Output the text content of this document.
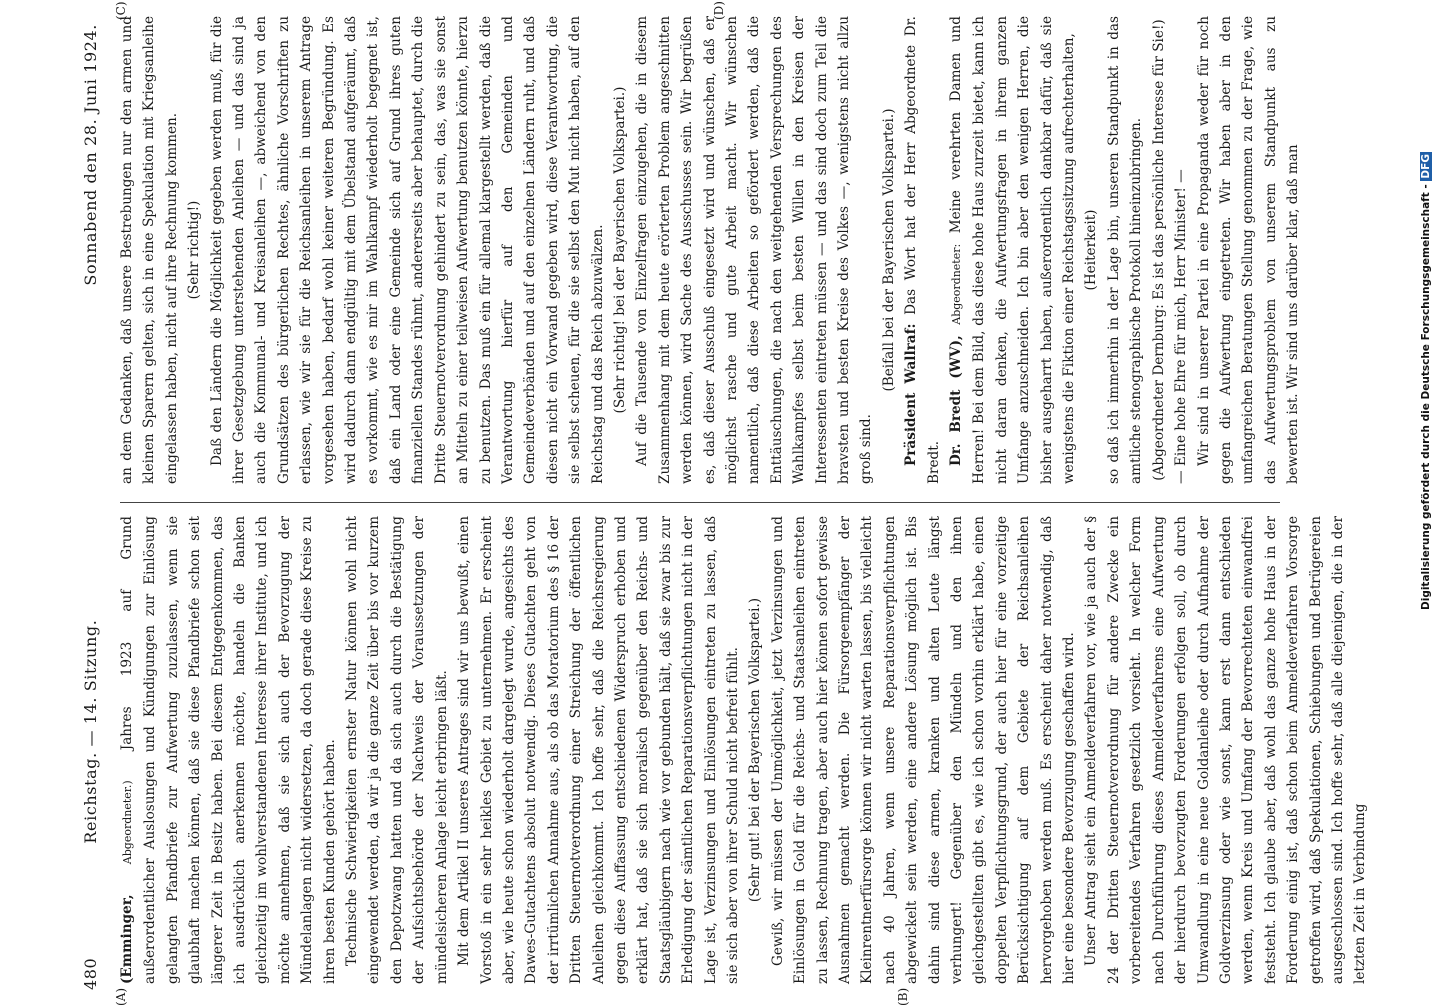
480
Reichstag. — 14. Sitzung.
Sonnabend den 28. Juni 1924.
(A)	(B)
(C)	(D)

(Emminger, Abgeordneter.) Jahres 1923 auf Grund außerordentlicher Auslosungen und Kündigungen zur Einlösung gelangten Pfandbriefe zur Aufwertung zuzulassen, wenn sie glaubhaft machen können, daß sie diese Pfandbriefe schon seit längerer Zeit in Besitz haben. Bei diesem Entgegenkommen, das ich ausdrücklich anerkennen möchte, handeln die Banken gleichzeitig im wohlverstandenen Interesse ihrer Institute, und ich möchte annehmen, daß sie sich auch der Bevorzugung der Mündelanlagen nicht widersetzen, da doch gerade diese Kreise zu ihren besten Kunden gehört haben. Technische Schwierigkeiten ernster Natur können wohl nicht eingewendet werden, da wir ja die ganze Zeit über bis vor kurzem den Depotzwang hatten und da sich auch durch die Bestätigung der Aufsichtsbehörde der Nachweis der Voraussetzungen der mündelsicheren Anlage leicht erbringen läßt. Mit dem Artikel II unseres Antrages sind wir uns bewußt, einen Vorstoß in ein sehr heikles Gebiet zu unternehmen. Er erscheint aber, wie heute schon wiederholt dargelegt wurde, angesichts des Dawes-Gutachtens absolut notwendig. Dieses Gutachten geht von der irrtümlichen Annahme aus, als ob das Moratorium des § 16 der Dritten Steuernotverordnung einer Streichung der öffentlichen Anleihen gleichkommt. Ich hoffe sehr, daß die Reichsregierung gegen diese Auffassung entschiedenen Widerspruch erhoben und erklärt hat, daß sie sich moralisch gegenüber den Reichs- und Staatsgläubigern nach wie vor gebunden hält, daß sie zwar bis zur Erledigung der sämtlichen Reparationsverpflichtungen nicht in der Lage ist, Verzinsungen und Einlösungen eintreten zu lassen, daß sie sich aber von ihrer Schuld nicht befreit fühlt. (Sehr gut! bei der Bayerischen Volkspartei.) Gewiß, wir müssen der Unmöglichkeit, jetzt Verzinsungen und Einlösungen in Gold für die Reichs- und Staatsanleihen eintreten zu lassen, Rechnung tragen, aber auch hier können sofort gewisse Ausnahmen gemacht werden. Die Fürsorgeempfänger der Kleinrentnerfürsorge können wir nicht warten lassen, bis vielleicht nach 40 Jahren, wenn unsere Reparationsverpflichtungen abgewickelt sein werden, eine andere Lösung möglich ist. Bis dahin sind diese armen, kranken und alten Leute längst verhungert! Gegenüber den Mündeln und den ihnen gleichgestellten gibt es, wie ich schon vorhin erklärt habe, einen doppelten Verpflichtungsgrund, der auch hier für eine vorzeitige Berücksichtigung auf dem Gebiete der Reichsanleihen hervorgehoben werden muß. Es erscheint daher notwendig, daß hier eine besondere Bevorzugung geschaffen wird. Unser Antrag sieht ein Anmeldeverfahren vor, wie ja auch der § 24 der Dritten Steuernotverordnung für andere Zwecke ein vorbereitendes Verfahren gesetzlich vorsieht. In welcher Form nach Durchführung dieses Anmeldeverfahrens eine Aufwertung der hierdurch bevorzugten Forderungen erfolgen soll, ob durch Umwandlung in eine neue Goldanleihe oder durch Aufnahme der Goldverzinsung oder wie sonst, kann erst dann entschieden werden, wenn Kreis und Umfang der Bevorrechteten einwandfrei feststeht. Ich glaube aber, daß wohl das ganze hohe Haus in der Forderung einig ist, daß schon beim Anmeldeverfahren Vorsorge getroffen wird, daß Spekulationen, Schiebungen und Betrügereien ausgeschlossen sind. Ich hoffe sehr, daß alle diejenigen, die in der letzten Zeit in Verbindung

an dem Gedanken, daß unsere Bestrebungen nur den armen und kleinen Sparern gelten, sich in eine Spekulation mit Kriegsanleihe eingelassen haben, nicht auf ihre Rechnung kommen. (Sehr richtig!) Daß den Ländern die Möglichkeit gegeben werden muß, für die ihrer Gesetzgebung unterstehenden Anleihen — und das sind ja auch die Kommunal- und Kreisanleihen —, abweichend von den Grundsätzen des bürgerlichen Rechtes, ähnliche Vorschriften zu erlassen, wie wir sie für die Reichsanleihen in unserem Antrage vorgesehen haben, bedarf wohl keiner weiteren Begründung. Es wird dadurch dann endgültig mit dem Übelstand aufgeräumt, daß es vorkommt, wie es mir im Wahlkampf wiederholt begegnet ist, daß ein Land oder eine Gemeinde sich auf Grund ihres guten finanziellen Standes rühmt, andererseits aber behauptet, durch die Dritte Steuernotverordnung gehindert zu sein, das, was sie sonst an Mitteln zu einer teilweisen Aufwertung benutzen könnte, hierzu zu benutzen. Das muß ein für allemal klargestellt werden, daß die Verantwortung hierfür auf den Gemeinden und Gemeindeverbänden und auf den einzelnen Ländern ruht, und daß diesen nicht ein Vorwand gegeben wird, diese Verantwortung, die sie selbst scheuen, für die sie selbst den Mut nicht haben, auf den Reichstag und das Reich abzuwälzen. (Sehr richtig! bei der Bayerischen Volkspartei.) Auf die Tausende von Einzelfragen einzugehen, die in diesem Zusammenhang mit dem heute erörterten Problem angeschnitten werden können, wird Sache des Ausschusses sein. Wir begrüßen es, daß dieser Ausschuß eingesetzt wird und wünschen, daß er möglichst rasche und gute Arbeit macht. Wir wünschen namentlich, daß diese Arbeiten so gefördert werden, daß die Enttäuschungen, die nach den weitgehenden Versprechungen des Wahlkampfes selbst beim besten Willen in den Kreisen der Interessenten eintreten müssen — und das sind doch zum Teil die bravsten und besten Kreise des Volkes —, wenigstens nicht allzu groß sind.

(Beifall bei der Bayerischen Volkspartei.)

Präsident Wallraf: Das Wort hat der Herr Abgeordnete Dr. Bredt. Dr. Bredt (WV), Abgeordneter: Meine verehrten Damen und Herren! Bei dem Bild, das diese hohe Haus zurzeit bietet, kann ich nicht daran denken, die Aufwertungsfragen in ihrem ganzen Umfange anzuschneiden. Ich bin aber den wenigen Herren, die bisher ausgeharrt haben, außerordentlich dankbar dafür, daß sie wenigstens die Fiktion einer Reichstagssitzung aufrechterhalten, (Heiterkeit) so daß ich immerhin in der Lage bin, unseren Standpunkt in das amtliche stenographische Protokoll hineinzubringen. (Abgeordneter Dernburg: Es ist das persönliche Interesse für Sie!) — Eine hohe Ehre für mich, Herr Minister! — Wir sind in unserer Partei in eine Propaganda weder für noch gegen die Aufwertung eingetreten. Wir haben aber in den umfangreichen Beratungen Stellung genommen zu der Frage, wie das Aufwertungsproblem von unserem Standpunkt aus zu bewerten ist. Wir sind uns darüber klar, daß man	Digitalisierung gefördert durch die Deutsche Forschungsgemeinschaft - DFG
